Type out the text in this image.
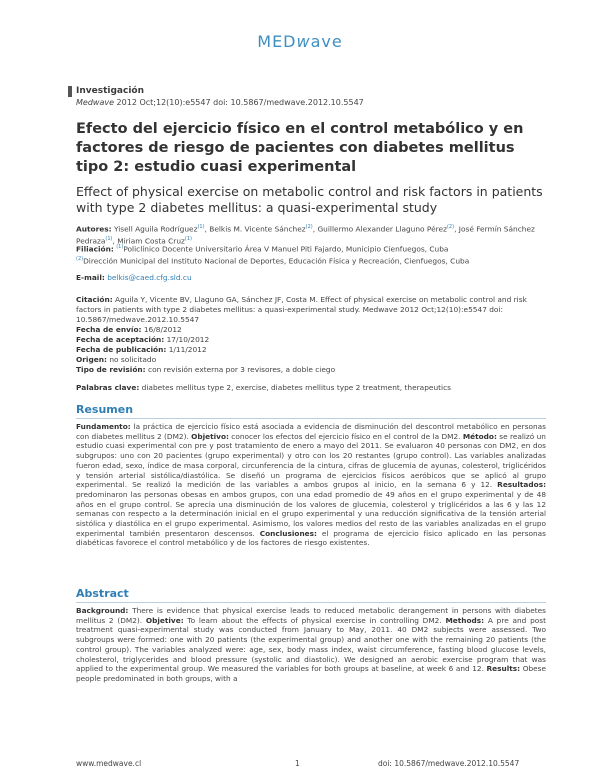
MEDwave
Investigación
Medwave 2012 Oct;12(10):e5547 doi: 10.5867/medwave.2012.10.5547
Efecto del ejercicio físico en el control metabólico y en factores de riesgo de pacientes con diabetes mellitus tipo 2: estudio cuasi experimental
Effect of physical exercise on metabolic control and risk factors in patients with type 2 diabetes mellitus: a quasi-experimental study
Autores: Yisell Aguila Rodríguez$^{(1)}$, Belkis M. Vicente Sánchez$^{(2)}$, Guillermo Alexander Llaguno Pérez$^{(2)}$, José Fermín Sánchez Pedraza$^{(1)}$, Miriam Costa Cruz$^{(1)}$
Filiación: $^{(1)}$Policlínico Docente Universitario Área V Manuel Piti Fajardo, Municipio Cienfuegos, Cuba
$^{(2)}$Dirección Municipal del Instituto Nacional de Deportes, Educación Física y Recreación, Cienfuegos, Cuba
E-mail: belkis@caed.cfg.sld.cu
Citación: Aguila Y, Vicente BV, Llaguno GA, Sánchez JF, Costa M. Effect of physical exercise on metabolic control and risk factors in patients with type 2 diabetes mellitus: a quasi-experimental study. Medwave 2012 Oct;12(10):e5547 doi: 10.5867/medwave.2012.10.5547
Fecha de envío: 16/8/2012
Fecha de aceptación: 17/10/2012
Fecha de publicación: 1/11/2012
Origen: no solicitado
Tipo de revisión: con revisión externa por 3 revisores, a doble ciego
Palabras clave: diabetes mellitus type 2, exercise, diabetes mellitus type 2 treatment, therapeutics
Resumen
Fundamento: la práctica de ejercicio físico está asociada a evidencia de disminución del descontrol metabólico en personas con diabetes mellitus 2 (DM2). Objetivo: conocer los efectos del ejercicio físico en el control de la DM2. Método: se realizó un estudio cuasi experimental con pre y post tratamiento de enero a mayo del 2011. Se evaluaron 40 personas con DM2, en dos subgrupos: uno con 20 pacientes (grupo experimental) y otro con los 20 restantes (grupo control). Las variables analizadas fueron edad, sexo, índice de masa corporal, circunferencia de la cintura, cifras de glucemia de ayunas, colesterol, triglicéridos y tensión arterial sistólica/diastólica. Se diseñó un programa de ejercicios físicos aeróbicos que se aplicó al grupo experimental. Se realizó la medición de las variables a ambos grupos al inicio, en la semana 6 y 12. Resultados: predominaron las personas obesas en ambos grupos, con una edad promedio de 49 años en el grupo experimental y de 48 años en el grupo control. Se aprecia una disminución de los valores de glucemia, colesterol y triglicéridos a las 6 y las 12 semanas con respecto a la determinación inicial en el grupo experimental y una reducción significativa de la tensión arterial sistólica y diastólica en el grupo experimental. Asimismo, los valores medios del resto de las variables analizadas en el grupo experimental también presentaron descensos. Conclusiones: el programa de ejercicio físico aplicado en las personas diabéticas favorece el control metabólico y de los factores de riesgo existentes.
Abstract
Background: There is evidence that physical exercise leads to reduced metabolic derangement in persons with diabetes mellitus 2 (DM2). Objetive: To learn about the effects of physical exercise in controlling DM2. Methods: A pre and post treatment quasi-experimental study was conducted from January to May, 2011. 40 DM2 subjects were assessed. Two subgroups were formed: one with 20 patients (the experimental group) and another one with the remaining 20 patients (the control group). The variables analyzed were: age, sex, body mass index, waist circumference, fasting blood glucose levels, cholesterol, triglycerides and blood pressure (systolic and diastolic). We designed an aerobic exercise program that was applied to the experimental group. We measured the variables for both groups at baseline, at week 6 and 12. Results: Obese people predominated in both groups, with a
www.medwave.cl	1	doi: 10.5867/medwave.2012.10.5547
